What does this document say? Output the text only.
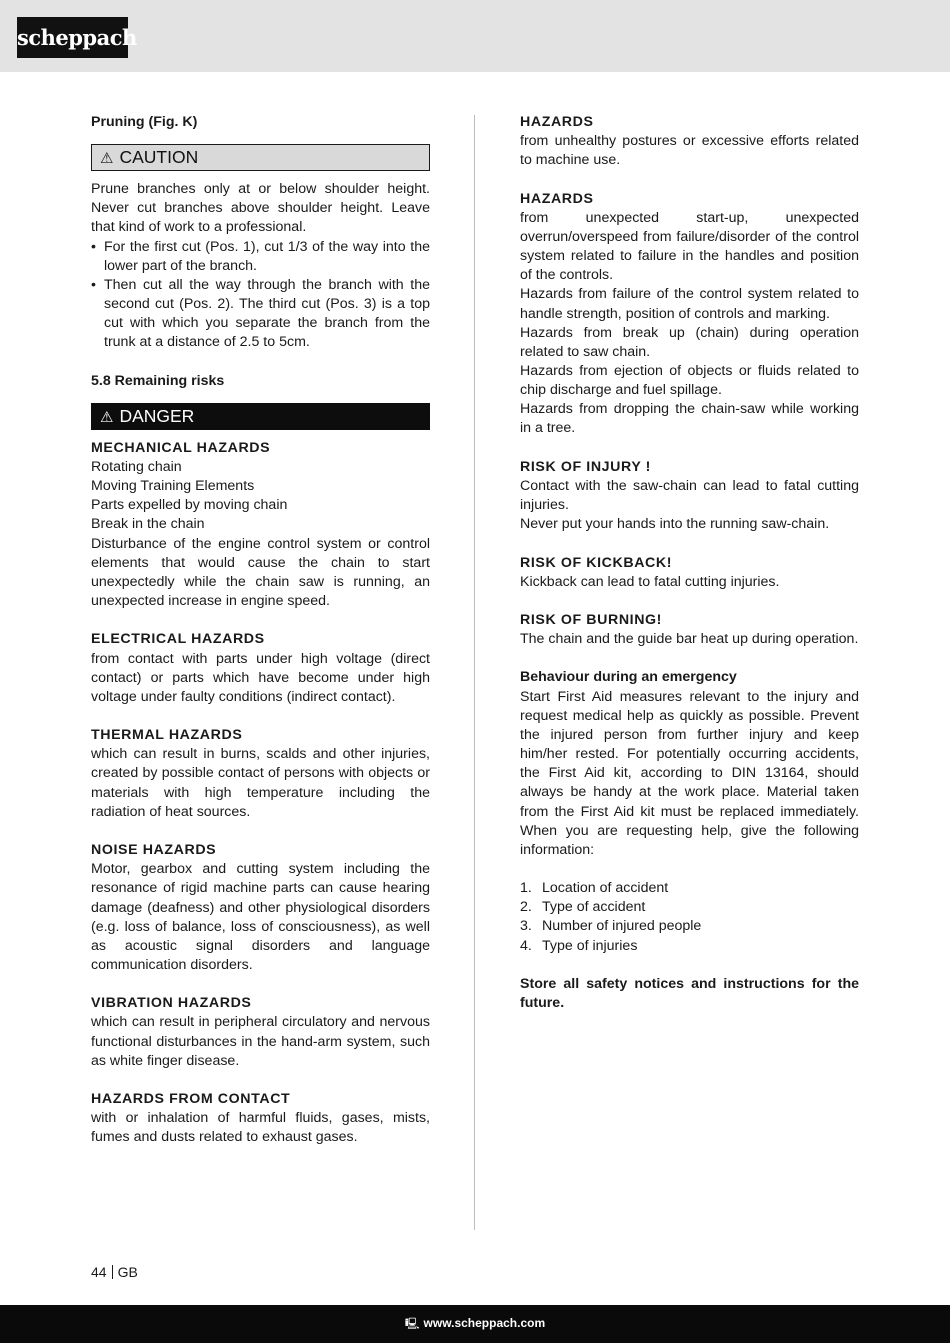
scheppach

Pruning (Fig. K)

⚠ CAUTION

Prune branches only at or below shoulder height. Never cut branches above shoulder height. Leave that kind of work to a professional.

• For the first cut (Pos. 1), cut 1/3 of the way into the lower part of the branch.
• Then cut all the way through the branch with the second cut (Pos. 2). The third cut (Pos. 3) is a top cut with which you separate the branch from the trunk at a distance of 2.5 to 5cm.

5.8 Remaining risks

⚠ DANGER

MECHANICAL HAZARDS

Rotating chain

Moving Training Elements

Parts expelled by moving chain

Break in the chain

Disturbance of the engine control system or control elements that would cause the chain to start unexpectedly while the chain saw is running, an unexpected increase in engine speed.

ELECTRICAL HAZARDS

from contact with parts under high voltage (direct contact) or parts which have become under high voltage under faulty conditions (indirect contact).

THERMAL HAZARDS

which can result in burns, scalds and other injuries, created by possible contact of persons with objects or materials with high temperature including the radiation of heat sources.

NOISE HAZARDS

Motor, gearbox and cutting system including the resonance of rigid machine parts can cause hearing damage (deafness) and other physiological disorders (e.g. loss of balance, loss of consciousness), as well as acoustic signal disorders and language communication disorders.

VIBRATION HAZARDS

which can result in peripheral circulatory and nervous functional disturbances in the hand-arm system, such as white finger disease.

HAZARDS FROM CONTACT

with or inhalation of harmful fluids, gases, mists, fumes and dusts related to exhaust gases.

HAZARDS

from unhealthy postures or excessive efforts related to machine use.

HAZARDS

from unexpected start-up, unexpected overrun/overspeed from failure/disorder of the control system related to failure in the handles and position of the controls.

Hazards from failure of the control system related to handle strength, position of controls and marking.

Hazards from break up (chain) during operation related to saw chain.

Hazards from ejection of objects or fluids related to chip discharge and fuel spillage.

Hazards from dropping the chain-saw while working in a tree.

RISK OF INJURY !

Contact with the saw-chain can lead to fatal cutting injuries.

Never put your hands into the running saw-chain.

RISK OF KICKBACK!

Kickback can lead to fatal cutting injuries.

RISK OF BURNING!

The chain and the guide bar heat up during operation.

Behaviour during an emergency

Start First Aid measures relevant to the injury and request medical help as quickly as possible. Prevent the injured person from further injury and keep him/her rested. For potentially occurring accidents, the First Aid kit, according to DIN 13164, should always be handy at the work place. Material taken from the First Aid kit must be replaced immediately. When you are requesting help, give the following information:

1. Location of accident
2. Type of accident
3. Number of injured people
4. Type of injuries

Store all safety notices and instructions for the future.

44 GB
🖳 www.scheppach.com
